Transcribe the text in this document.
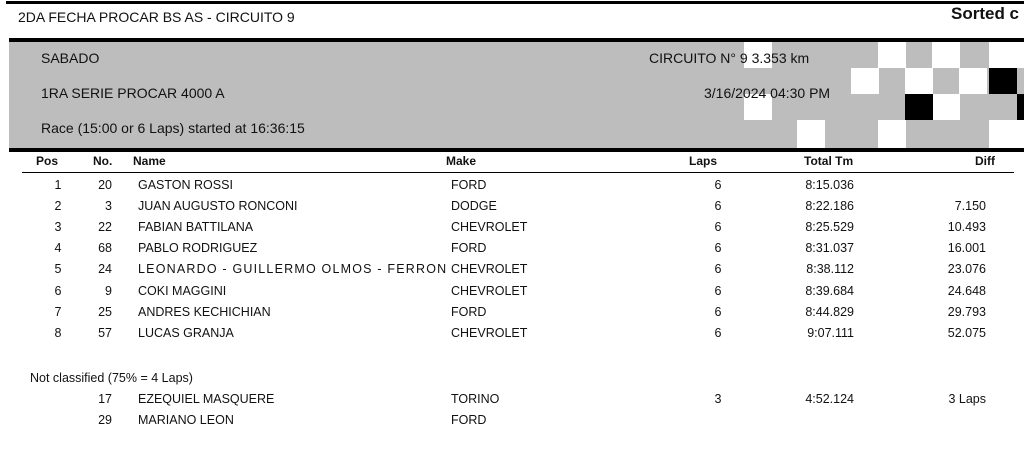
2DA FECHA PROCAR BS AS - CIRCUITO 9	Sorted c
SABADO	CIRCUITO N° 9 3.353 km
1RA SERIE PROCAR 4000 A	3/16/2024 04:30 PM
Race (15:00 or 6 Laps) started at 16:36:15
Pos	No. Name	Make	Laps	Total Tm	Diff
1	20 GASTON ROSSI	FORD	6	8:15.036
2	3 JUAN AUGUSTO RONCONI	DODGE	6	8:22.186	7.150
3	22 FABIAN BATTILANA	CHEVROLET	6	8:25.529	10.493
4	68 PABLO RODRIGUEZ	FORD	6	8:31.037	16.001
5	24 LEONARDO - GUILLERMO OLMOS - FERRON CHEVROLET	6	8:38.112	23.076
6	9 COKI MAGGINI	CHEVROLET	6	8:39.684	24.648
7	25 ANDRES KECHICHIAN	FORD	6	8:44.829	29.793
8	57 LUCAS GRANJA	CHEVROLET	6	9:07.111	52.075
Not classified (75% = 4 Laps)
17 EZEQUIEL MASQUERE	TORINO	3	4:52.124	3 Laps
29 MARIANO LEON	FORD
